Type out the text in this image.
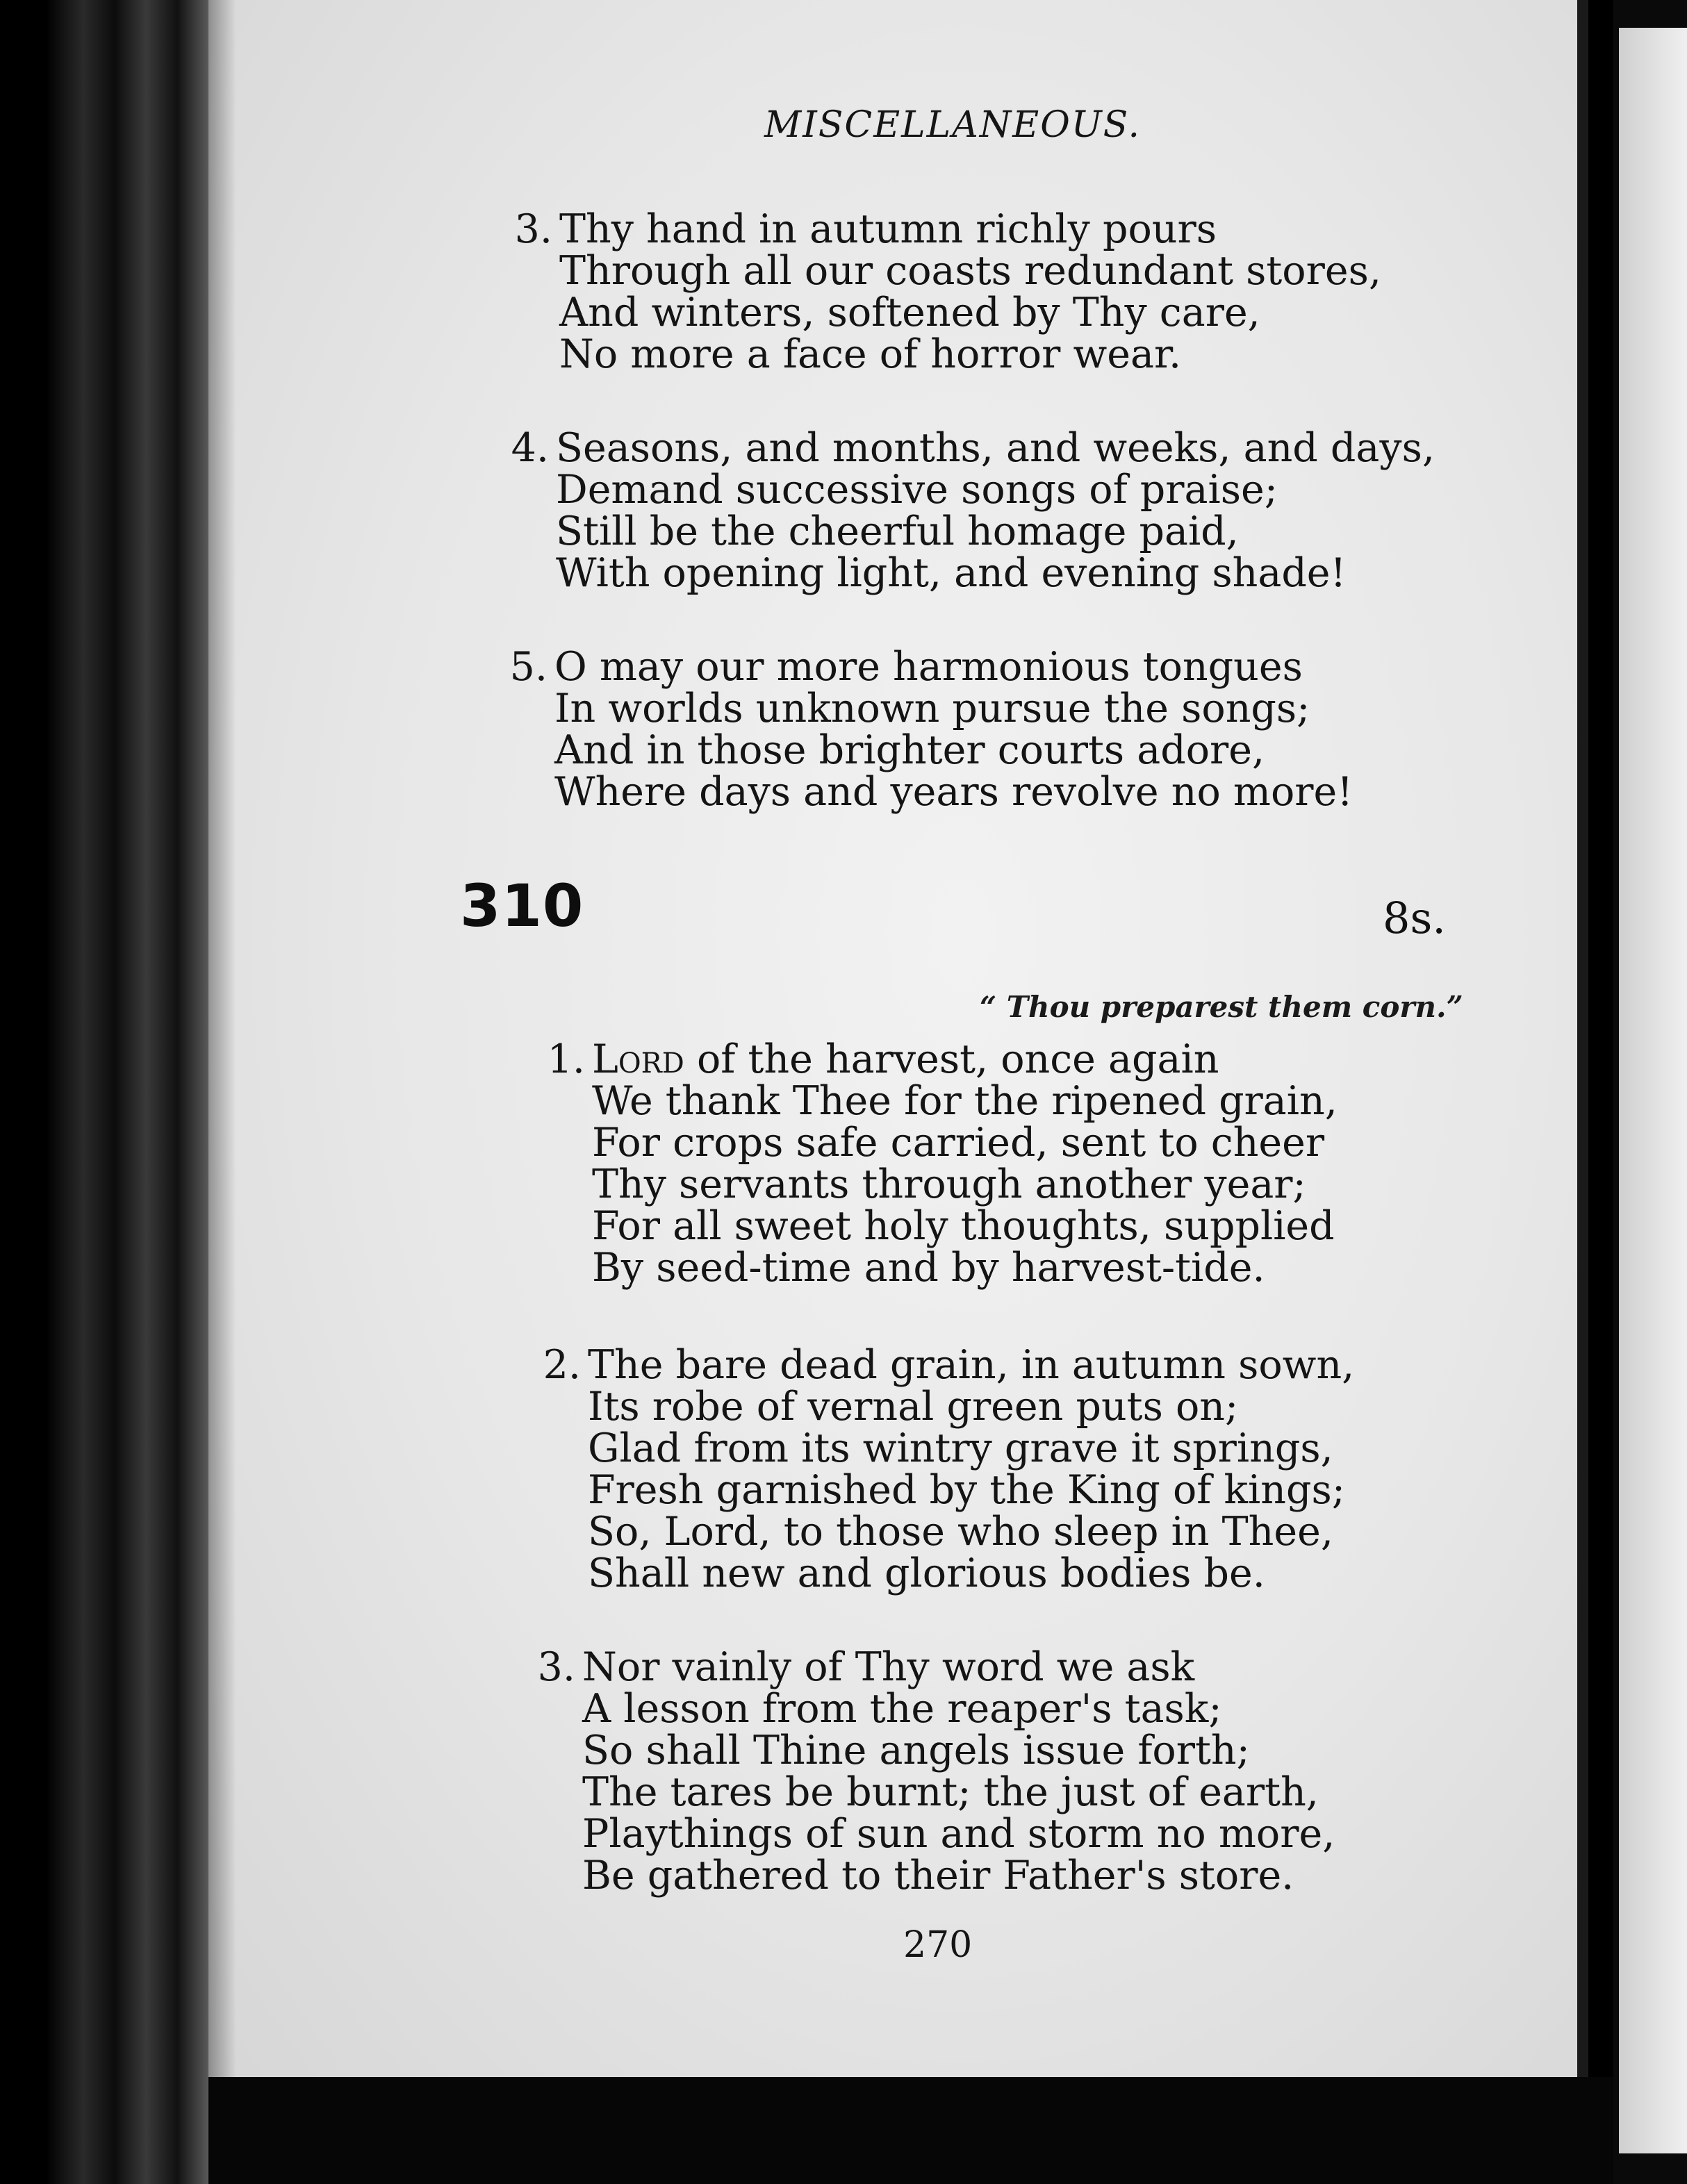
MISCELLANEOUS.
3. Thy hand in autumn richly pours
Through all our coasts redundant stores,
And winters, softened by Thy care,
No more a face of horror wear.
4. Seasons, and months, and weeks, and days,
Demand successive songs of praise;
Still be the cheerful homage paid,
With opening light, and evening shade!
5. O may our more harmonious tongues
In worlds unknown pursue the songs;
And in those brighter courts adore,
Where days and years revolve no more!
310	8s.
“ Thou preparest them corn.”
1. Lord of the harvest, once again
We thank Thee for the ripened grain,
For crops safe carried, sent to cheer
Thy servants through another year;
For all sweet holy thoughts, supplied
By seed-time and by harvest-tide.
2. The bare dead grain, in autumn sown,
Its robe of vernal green puts on;
Glad from its wintry grave it springs,
Fresh garnished by the King of kings;
So, Lord, to those who sleep in Thee,
Shall new and glorious bodies be.
3. Nor vainly of Thy word we ask
A lesson from the reaper's task;
So shall Thine angels issue forth;
The tares be burnt; the just of earth,
Playthings of sun and storm no more,
Be gathered to their Father's store.
270
